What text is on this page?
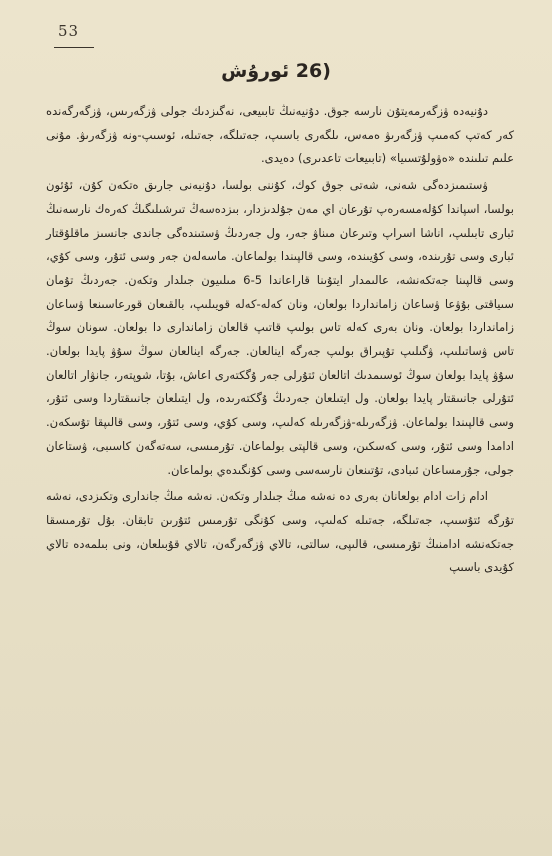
53
(26 ئورۇش

دۇنيەدە ۋزگەرمەيتۇن نارسە جوق. دۇنيەنىڭ تابىيعى، نەگىزدىك جولى ۋزگەرىس، ۋزگەرگەندە كەر كەتپ كەمىپ ۋزگەرىۋ ەمەس، ىلگەرى باسىپ، جەتىلگە، جەتىلە، ئوسىپ-ونە ۋزگەرىۋ. مۇنى علىم تىلىندە «ەۋولۇتسىيا» (تابىيعات تاعدىرى) دەيدى.

ۋستىمىزدەگى شەنى، شەتى جوق كوك، كۇننى بولسا، دۇنيەنى جارىق ەتكەن كۇن، ئۇئون بولسا، اسپاندا كۇلەمسەرەپ تۇرعان اي مەن جۇلدىزدار، بىزدەسەڭ تىرشىلىگىڭ كەرەك نارسەنىڭ ئبارى تابىلىپ، اناشا اسراپ وتىرعان مىناۋ جەر، ول جەردىڭ ۋستىندەگى جاندى جانسىز ماقلۇقتار ئبارى وسى تۇرىندە، وسى كۇيىندە، وسى قالپىندا بولماعان. ماسەلەن جەر وسى ئتۇر، وسى كۇي، وسى قالپىنا جەتكەنشە، عالىمدار ايتۇىنا قاراعاندا 5-6 مىلىيون جىلدار وتكەن. جەردىڭ تۇمان سىياقتى بۇۋعا ۋساعان زامانداردا بولعان، ونان كەلە-كەلە قويىلىپ، بالقىعان قورعاسىنعا ۋساعان زامانداردا بولعان. ونان بەرى كەلە تاس بولىپ قاتىپ قالعان زاماندارى دا بولعان. سونان سوڭ تاس ۋساتىلىپ، ۋگىلىپ تۇپىراق بولىپ جەرگە اينالعان. جەرگە اينالعان سوڭ سۇۋ پايدا بولعان. سۇۋ پايدا بولعان سوڭ ئوسىمدىك اتالعان ئتۇرلى جەر ۇگكتەرى اعاش، بۇتا، شوپتەر، جانۋار اتالعان ئتۇرلى جانىىقتار پايدا بولعان. ول ايتىلعان جەردىڭ ۇگكتەرىدە، ول ايتىلعان جانىىقتاردا وسى ئتۇر، وسى قالپىندا بولماعان. ۋزگەرىلە-ۋزگەرىلە كەلىپ، وسى كۇي، وسى ئتۇر، وسى قالىپقا تۇسكەن. ادامدا وسى ئتۇر، وسى كەسكىن، وسى قالپتى بولماعان. تۇرمىسى، سەتەگەن كاسىبى، ۋستاعان جولى، جۇرمساعان ئىبادى، تۇتىنعان نارسەسى وسى كۇنگىدەي بولماعان.

ادام زات ادام بولعانان بەرى دە نەشە مىڭ جىلدار وتكەن. نەشە مىڭ جاندارى وتكىزدى، نەشە تۇرگە ئتۇسىپ، جەتىلگە، جەتىلە كەلىپ، وسى كۇنگى تۇرمىس ئتۇرىن تابقان. بۇل تۇرمىسقا جەتكەنشە ادامنىڭ تۇرمىسى، قالىپى، سالتى، تالاي ۋزگەرگەن، تالاي قۇبىلعان، ونى بىلمەدە تالاي كۇيدى باسىپ
